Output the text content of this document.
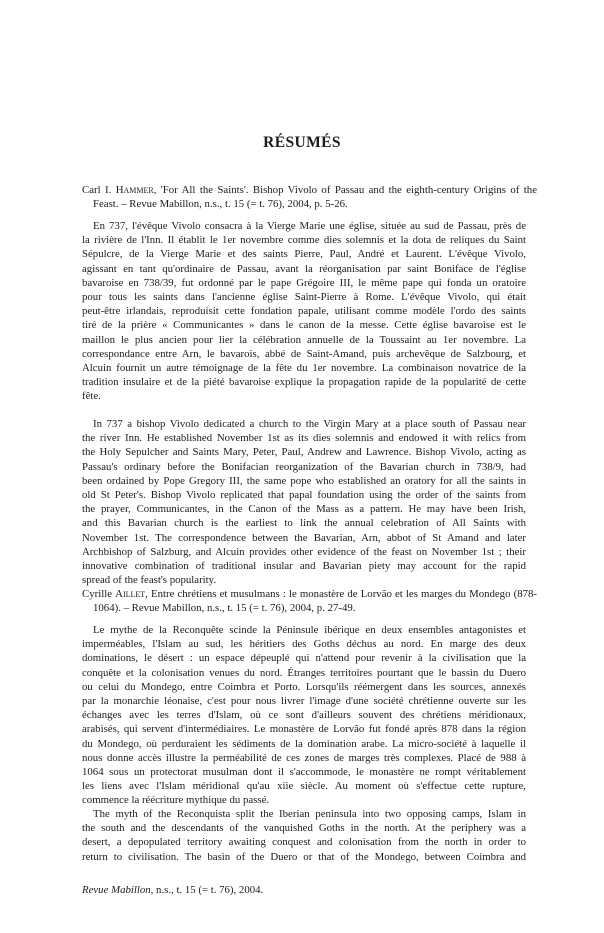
RÉSUMÉS
Carl I. Hammer, 'For All the Saints'. Bishop Vivolo of Passau and the eighth-century Origins of the Feast. – Revue Mabillon, n.s., t. 15 (= t. 76), 2004, p. 5-26.
En 737, l'évêque Vivolo consacra à la Vierge Marie une église, située au sud de Passau, près de
la rivière de l'Inn. Il établit le 1er novembre comme dies solemnis et la dota de reliques du Saint
Sépulcre, de la Vierge Marie et des saints Pierre, Paul, André et Laurent. L'évêque Vivolo,
agissant en tant qu'ordinaire de Passau, avant la réorganisation par saint Boniface de l'église
bavaroise en 738/39, fut ordonné par le pape Grégoire III, le même pape qui fonda un oratoire
pour tous les saints dans l'ancienne église Saint-Pierre à Rome. L'évêque Vivolo, qui était
peut-être irlandais, reproduisit cette fondation papale, utilisant comme modèle l'ordo des saints
tiré de la prière « Communicantes » dans le canon de la messe. Cette église bavaroise est le
maillon le plus ancien pour lier la célébration annuelle de la Toussaint au 1er novembre. La
correspondance entre Arn, le bavarois, abbé de Saint-Amand, puis archevêque de Salzbourg, et
Alcuin fournit un autre témoignage de la fête du 1er novembre. La combinaison novatrice de la
tradition insulaire et de la piété bavaroise explique la propagation rapide de la popularité de cette
fête.
In 737 a bishop Vivolo dedicated a church to the Virgin Mary at a place south of Passau near
the river Inn. He established November 1st as its dies solemnis and endowed it with relics from
the Holy Sepulcher and Saints Mary, Peter, Paul, Andrew and Lawrence. Bishop Vivolo, acting as
Passau's ordinary before the Bonifacian reorganization of the Bavarian church in 738/9, had
been ordained by Pope Gregory III, the same pope who established an oratory for all the saints in
old St Peter's. Bishop Vivolo replicated that papal foundation using the order of the saints from
the prayer, Communicantes, in the Canon of the Mass as a pattern. He may have been Irish,
and this Bavarian church is the earliest to link the annual celebration of All Saints with
November 1st. The correspondence between the Bavarian, Arn, abbot of St Amand and later
Archbishop of Salzburg, and Alcuin provides other evidence of the feast on November 1st ; their
innovative combination of traditional insular and Bavarian piety may account for the rapid
spread of the feast's popularity.
Cyrille Aillet, Entre chrétiens et musulmans : le monastère de Lorvão et les marges du Mondego (878-1064). – Revue Mabillon, n.s., t. 15 (= t. 76), 2004, p. 27-49.
Le mythe de la Reconquête scinde la Péninsule ibérique en deux ensembles antagonistes et
imperméables, l'Islam au sud, les héritiers des Goths déchus au nord. En marge des deux
dominations, le désert : un espace dépeuplé qui n'attend pour revenir à la civilisation que la
conquête et la colonisation venues du nord. Étranges territoires pourtant que le bassin du Duero
ou celui du Mondego, entre Coimbra et Porto. Lorsqu'ils réémergent dans les sources, annexés
par la monarchie léonaise, c'est pour nous livrer l'image d'une société chrétienne ouverte sur les
échanges avec les terres d'Islam, où ce sont d'ailleurs souvent des chrétiens méridionaux,
arabisés, qui servent d'intermédiaires. Le monastère de Lorvão fut fondé après 878 dans la région
du Mondego, où perduraient les sédiments de la domination arabe. La micro-société à laquelle il
nous donne accès illustre la perméabilité de ces zones de marges très complexes. Placé de 988 à
1064 sous un protectorat musulman dont il s'accommode, le monastère ne rompt véritablement
les liens avec l'Islam méridional qu'au xiie siècle. Au moment où s'effectue cette rupture,
commence la réécriture mythique du passé.
The myth of the Reconquista split the Iberian peninsula into two opposing camps, Islam in
the south and the descendants of the vanquished Goths in the north. At the periphery was a
desert, a depopulated territory awaiting conquest and colonisation from the north in order to
return to civilisation. The basin of the Duero or that of the Mondego, between Coimbra and
Revue Mabillon, n.s., t. 15 (= t. 76), 2004.
